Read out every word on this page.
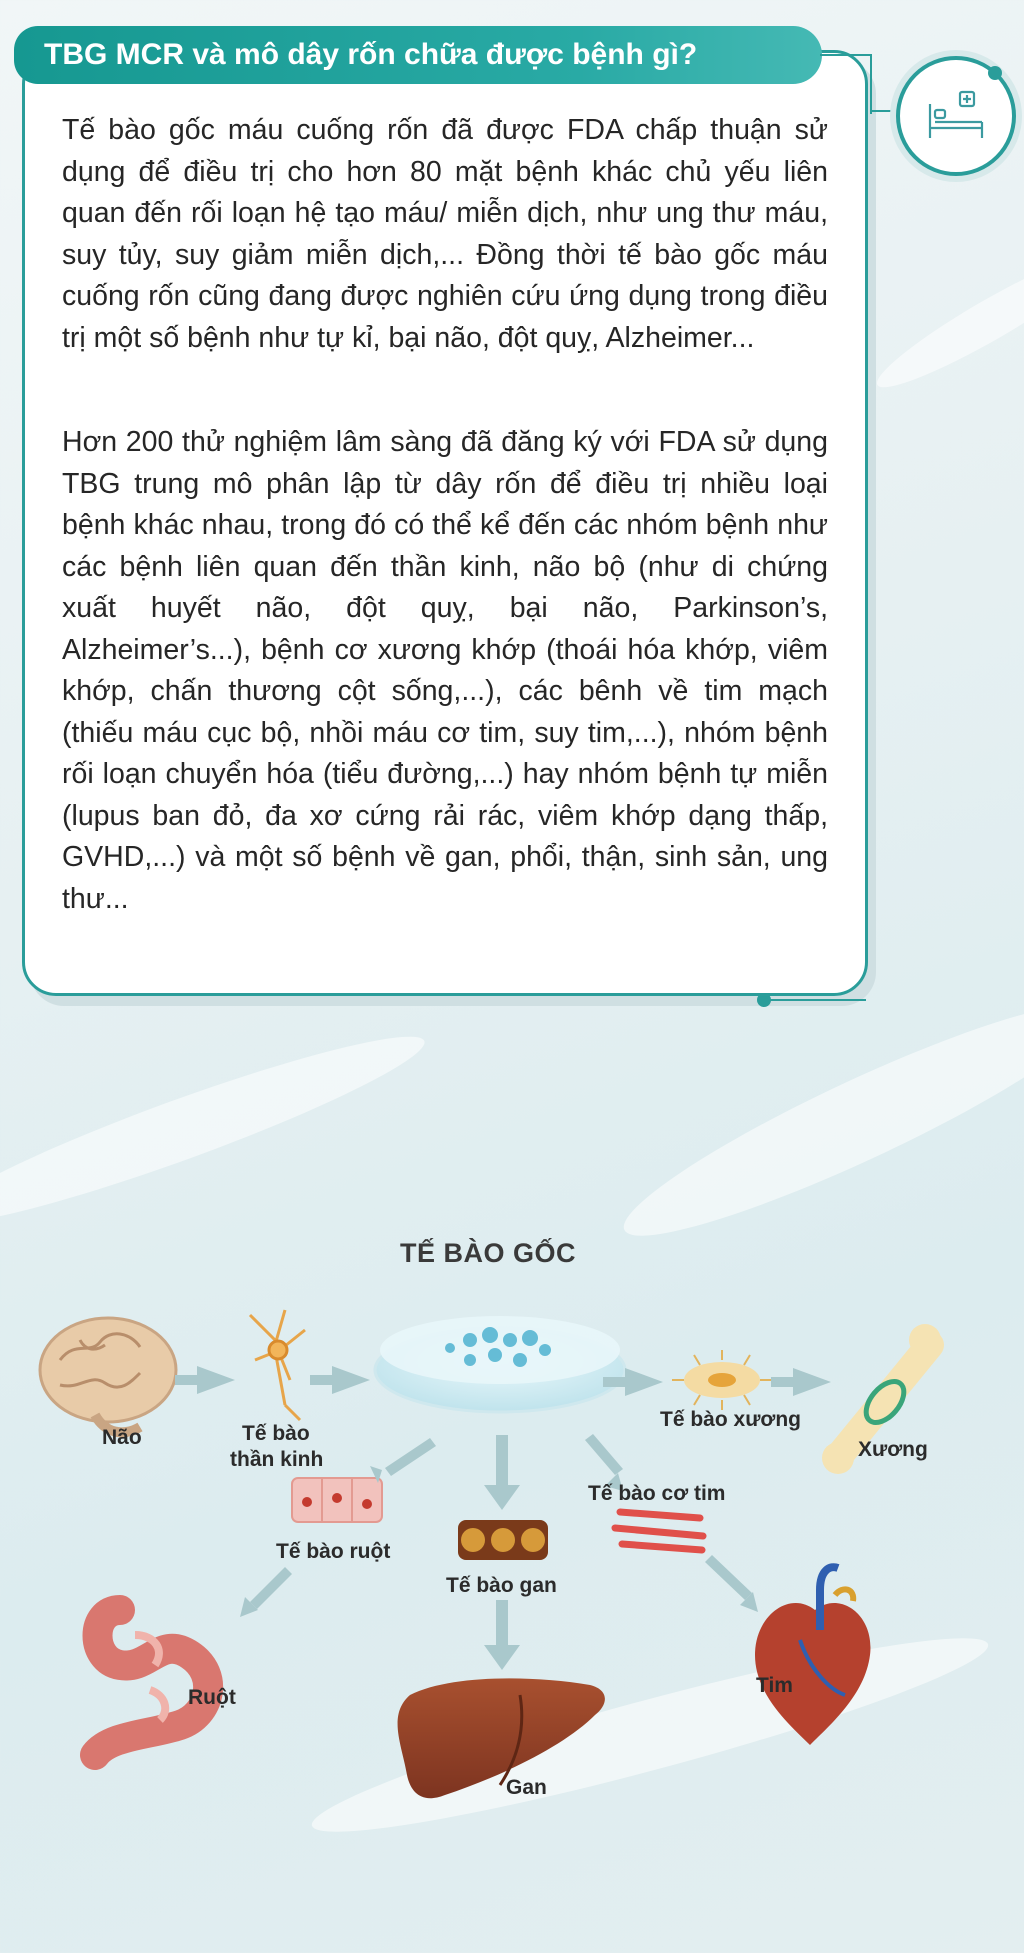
TBG MCR và mô dây rốn chữa được bệnh gì?

Tế bào gốc máu cuống rốn đã được FDA chấp thuận sử dụng để điều trị cho hơn 80 mặt bệnh khác chủ yếu liên quan đến rối loạn hệ tạo máu/ miễn dịch, như ung thư máu, suy tủy, suy giảm miễn dịch,... Đồng thời tế bào gốc máu cuống rốn cũng đang được nghiên cứu ứng dụng trong điều trị một số bệnh như tự kỉ, bại não, đột quỵ, Alzheimer...

Hơn 200 thử nghiệm lâm sàng đã đăng ký với FDA sử dụng TBG trung mô phân lập từ dây rốn để điều trị nhiều loại bệnh khác nhau, trong đó có thể kể đến các nhóm bệnh như các bệnh liên quan đến thần kinh, não bộ (như di chứng xuất huyết não, đột quỵ, bại não, Parkinson’s, Alzheimer’s...), bệnh cơ xương khớp (thoái hóa khớp, viêm khớp, chấn thương cột sống,...), các bênh về tim mạch (thiếu máu cục bộ, nhồi máu cơ tim, suy tim,...), nhóm bệnh rối loạn chuyển hóa (tiểu đường,...) hay nhóm bệnh tự miễn (lupus ban đỏ, đa xơ cứng rải rác, viêm khớp dạng thấp, GVHD,...) và một số bệnh về gan, phổi, thận, sinh sản, ung thư...

TẾ BÀO GỐC
Não	Tế bào
thần kinh
Tế bào xương
Xương
Tế bào cơ tim
Tế bào ruột
Tế bào gan
Ruột
Tim
Gan
